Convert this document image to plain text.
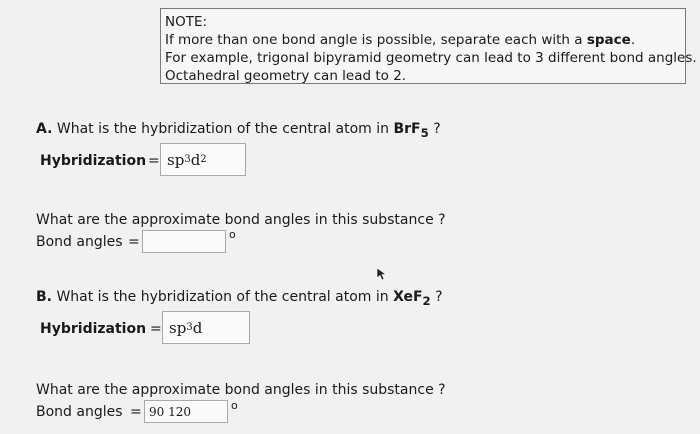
NOTE:
If more than one bond angle is possible, separate each with a space.
For example, trigonal bipyramid geometry can lead to 3 different bond angles.
Octahedral geometry can lead to 2.
A. What is the hybridization of the central atom in BrF$_5$ ?
Hybridization = sp 3 d 2
What are the approximate bond angles in this substance ?
Bond angles =	o
B. What is the hybridization of the central atom in XeF$_2$ ?
Hybridization = sp 3 d
What are the approximate bond angles in this substance ?
Bond angles = 90 120	o
